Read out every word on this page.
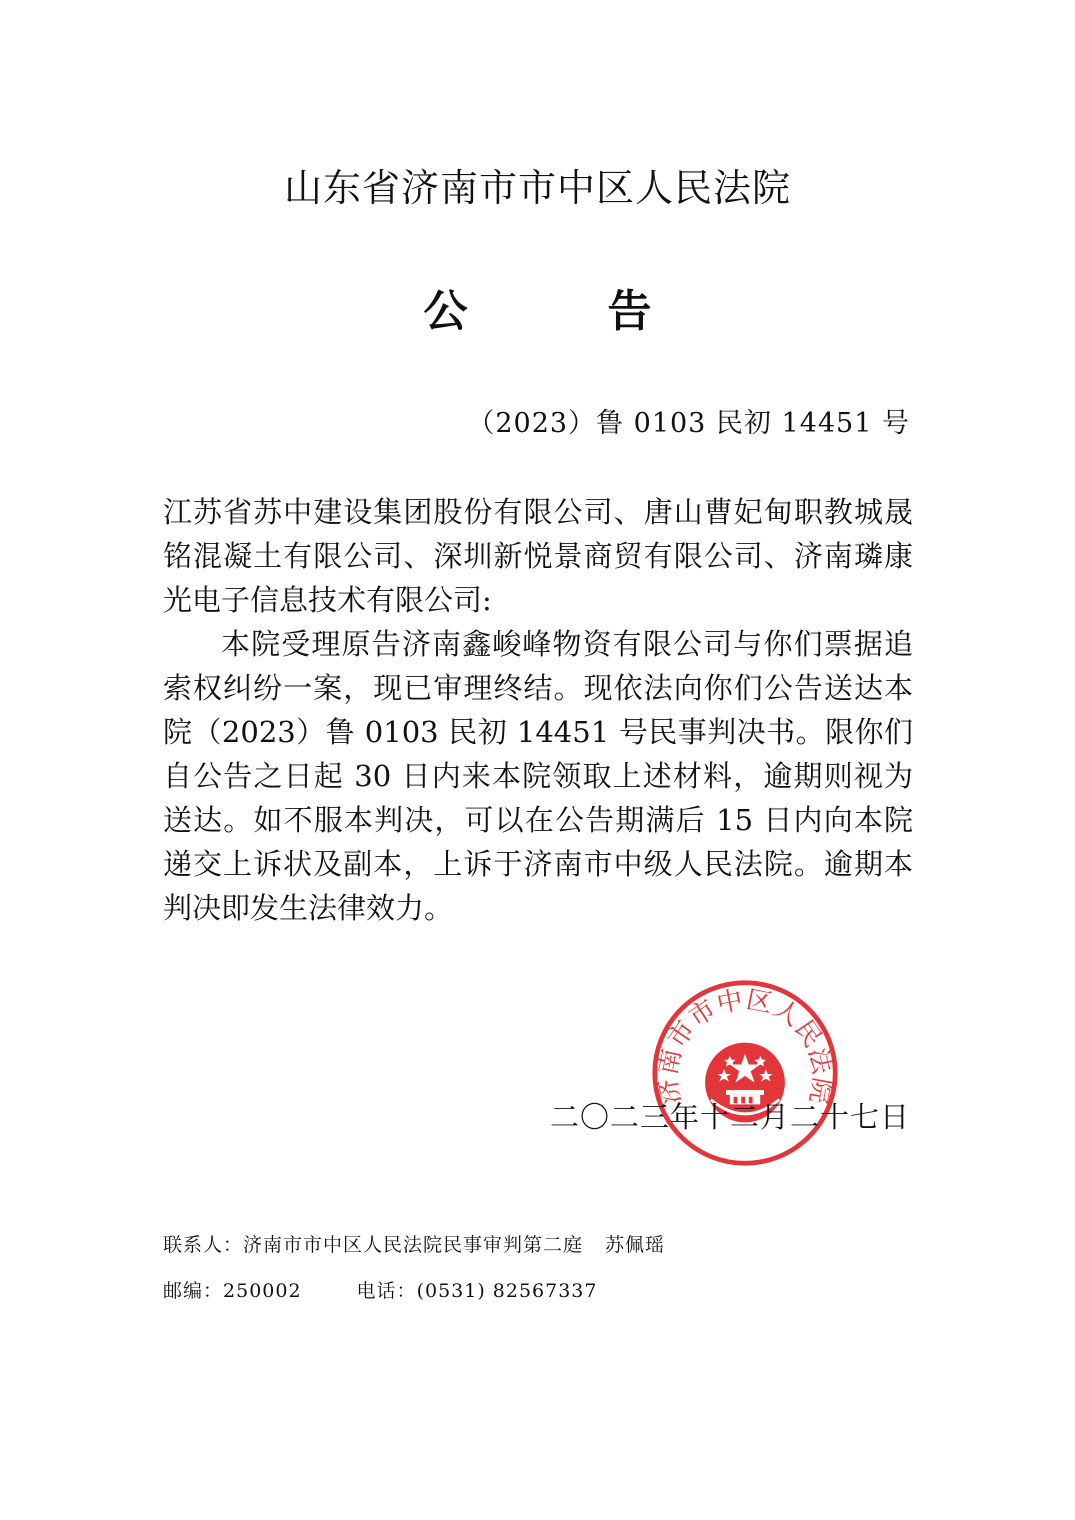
山东省济南市市中区人民法院
公	告
（2023）鲁 0103 民初 14451 号

江苏省苏中建设集团股份有限公司、唐山曹妃甸职教城晟铭混凝土有限公司、深圳新悦景商贸有限公司、济南璘康光电子信息技术有限公司:

本院受理原告济南鑫峻峰物资有限公司与你们票据追索权纠纷一案，现已审理终结。现依法向你们公告送达本院（2023）鲁 0103 民初 14451 号民事判决书。限你们自公告之日起 30 日内来本院领取上述材料，逾期则视为送达。如不服本判决，可以在公告期满后 15 日内向本院递交上诉状及副本，上诉于济南市中级人民法院。逾期本判决即发生法律效力。

济南市市中区人民法院
二〇二三年十二月二十七日
联系人：济南市市中区人民法院民事审判第二庭 苏佩瑶
邮编：250002	电话：(0531) 82567337
